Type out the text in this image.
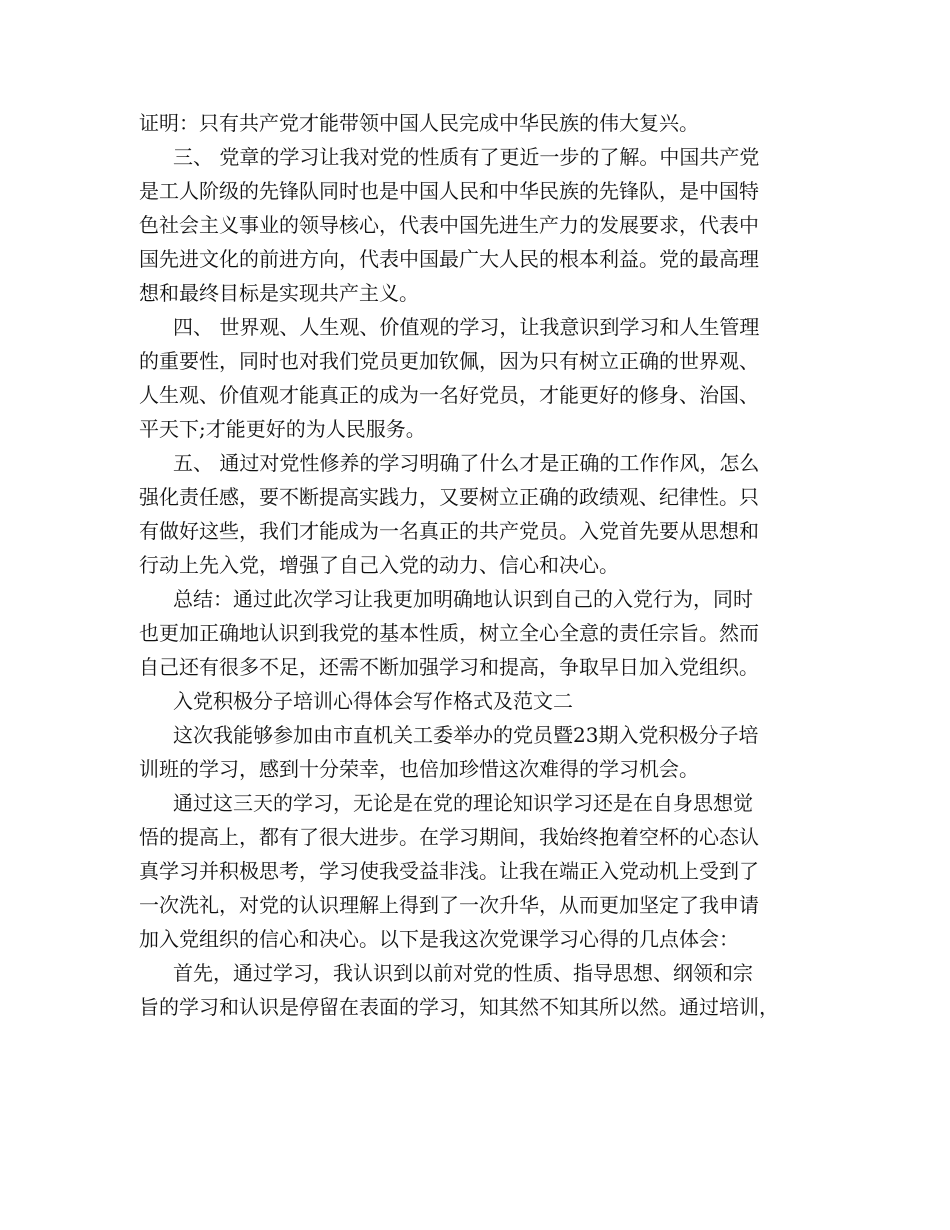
证明：只有共产党才能带领中国人民完成中华民族的伟大复兴。
三、 党章的学习让我对党的性质有了更近一步的了解。中国共产党
是工人阶级的先锋队同时也是中国人民和中华民族的先锋队，是中国特
色社会主义事业的领导核心，代表中国先进生产力的发展要求，代表中
国先进文化的前进方向，代表中国最广大人民的根本利益。党的最高理
想和最终目标是实现共产主义。
四、 世界观、人生观、价值观的学习，让我意识到学习和人生管理
的重要性，同时也对我们党员更加钦佩，因为只有树立正确的世界观、
人生观、价值观才能真正的成为一名好党员，才能更好的修身、治国、
平天下;才能更好的为人民服务。
五、 通过对党性修养的学习明确了什么才是正确的工作作风，怎么
强化责任感，要不断提高实践力，又要树立正确的政绩观、纪律性。只
有做好这些，我们才能成为一名真正的共产党员。入党首先要从思想和
行动上先入党，增强了自己入党的动力、信心和决心。
总结：通过此次学习让我更加明确地认识到自己的入党行为，同时
也更加正确地认识到我党的基本性质，树立全心全意的责任宗旨。然而
自己还有很多不足，还需不断加强学习和提高，争取早日加入党组织。
入党积极分子培训心得体会写作格式及范文二
这次我能够参加由市直机关工委举办的党员暨23期入党积极分子培
训班的学习，感到十分荣幸，也倍加珍惜这次难得的学习机会。
通过这三天的学习，无论是在党的理论知识学习还是在自身思想觉
悟的提高上，都有了很大进步。在学习期间，我始终抱着空杯的心态认
真学习并积极思考，学习使我受益非浅。让我在端正入党动机上受到了
一次洗礼，对党的认识理解上得到了一次升华，从而更加坚定了我申请
加入党组织的信心和决心。以下是我这次党课学习心得的几点体会：
首先，通过学习，我认识到以前对党的性质、指导思想、纲领和宗
旨的学习和认识是停留在表面的学习，知其然不知其所以然。通过培训，
